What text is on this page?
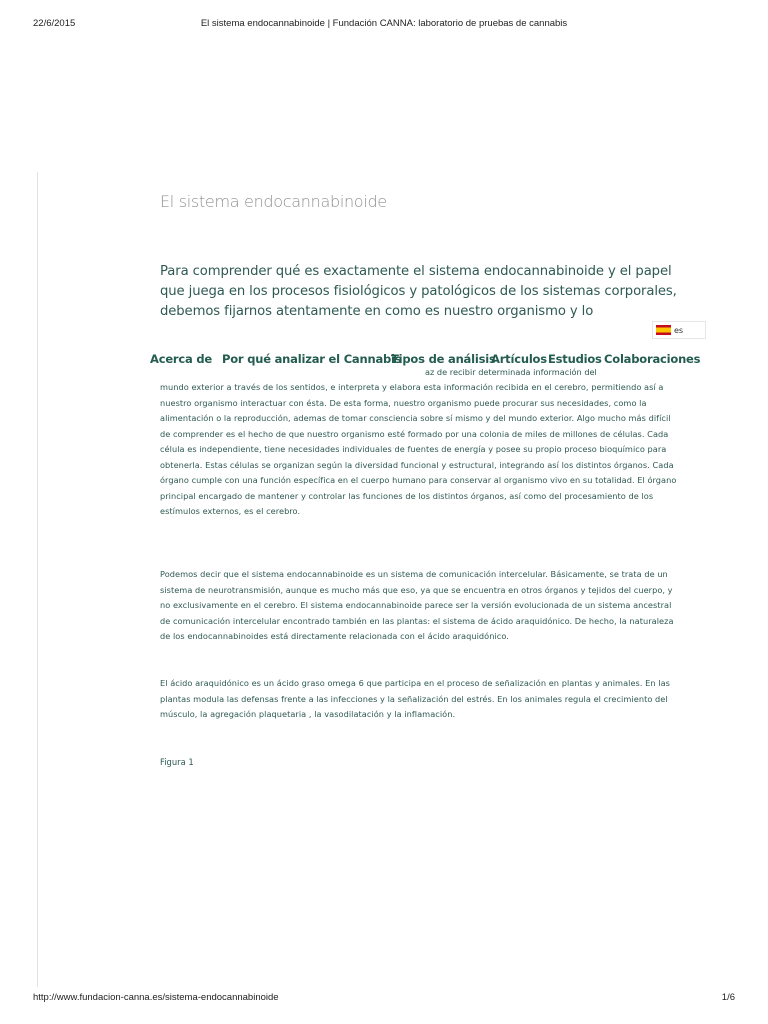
22/6/2015	El sistema endocannabinoide | Fundación CANNA: laboratorio de pruebas de cannabis
El sistema endocannabinoide

Para comprender qué es exactamente el sistema endocannabinoide y el papel que juega en los procesos fisiológicos y patológicos de los sistemas corporales, debemos fijarnos atentamente en como es nuestro organismo y lo

es
Acerca de Por qué analizar el Cannabis
Tipos de análisis
Artículos Estudios Colaboraciones
az de recibir determinada información del

mundo exterior a través de los sentidos, e interpreta y elabora esta información recibida en el cerebro, permitiendo así a nuestro organismo interactuar con ésta. De esta forma, nuestro organismo puede procurar sus necesidades, como la alimentación o la reproducción, ademas de tomar consciencia sobre sí mismo y del mundo exterior. Algo mucho más difícil de comprender es el hecho de que nuestro organismo esté formado por una colonia de miles de millones de células. Cada célula es independiente, tiene necesidades individuales de fuentes de energía y posee su propio proceso bioquímico para obtenerla. Estas células se organizan según la diversidad funcional y estructural, integrando así los distintos órganos. Cada órgano cumple con una función específica en el cuerpo humano para conservar al organismo vivo en su totalidad. El órgano principal encargado de mantener y controlar las funciones de los distintos órganos, así como del procesamiento de los estímulos externos, es el cerebro.

Podemos decir que el sistema endocannabinoide es un sistema de comunicación intercelular. Básicamente, se trata de un sistema de neurotransmisión, aunque es mucho más que eso, ya que se encuentra en otros órganos y tejidos del cuerpo, y no exclusivamente en el cerebro. El sistema endocannabinoide parece ser la versión evolucionada de un sistema ancestral de comunicación intercelular encontrado también en las plantas: el sistema de ácido araquidónico. De hecho, la naturaleza de los endocannabinoides está directamente relacionada con el ácido araquidónico.

El ácido araquidónico es un ácido graso omega 6 que participa en el proceso de señalización en plantas y animales. En las plantas modula las defensas frente a las infecciones y la señalización del estrés. En los animales regula el crecimiento del músculo, la agregación plaquetaria , la vasodilatación y la inflamación.

Figura 1
http://www.fundacion-canna.es/sistema-endocannabinoide	1/6
